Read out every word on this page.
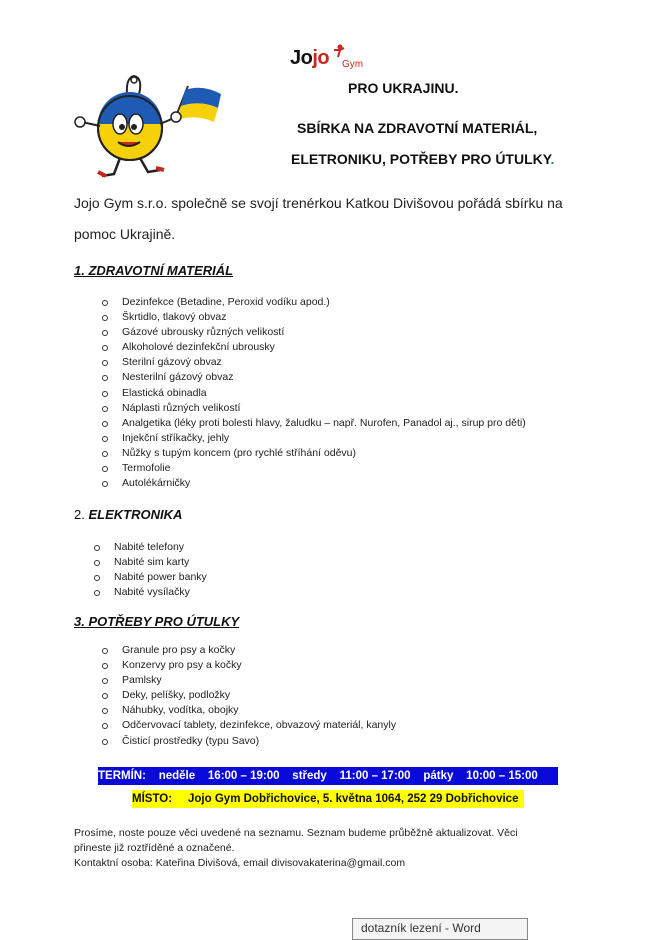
Jojo Gym
PRO UKRAJINU.
SBÍRKA NA ZDRAVOTNÍ MATERIÁL,
ELETRONIKU, POTŘEBY PRO ÚTULKY.
Jojo Gym s.r.o. společně se svojí trenérkou Katkou Divišovou pořádá sbírku na pomoc Ukrajině.
1. ZDRAVOTNÍ MATERIÁL
Dezinfekce (Betadine, Peroxid vodíku apod.)
Škrtidlo, tlakový obvaz
Gázové ubrousky různých velikostí
Alkoholové dezinfekční ubrousky
Sterilní gázový obvaz
Nesterilní gázový obvaz
Elastická obinadla
Náplasti různých velikostí
Analgetika (léky proti bolesti hlavy, žaludku – např. Nurofen, Panadol aj., sirup pro děti)
Injekční stříkačky, jehly
Nůžky s tupým koncem (pro rychlé stříhání oděvu)
Termofolie
Autolékárničky
2. ELEKTRONIKA
Nabité telefony
Nabité sim karty
Nabité power banky
Nabité vysílačky
3. POTŘEBY PRO ÚTULKY
Granule pro psy a kočky
Konzervy pro psy a kočky
Pamlsky
Deky, pelíšky, podložky
Náhubky, vodítka, obojky
Odčervovací tablety, dezinfekce, obvazový materiál, kanyly
Čisticí prostředky (typu Savo)
TERMÍN:    neděle    16:00 – 19:00    středy    11:00 – 17:00    pátky    10:00 – 15:00
MÍSTO:     Jojo Gym Dobřichovice, 5. května 1064, 252 29 Dobřichovice
Prosíme, noste pouze věci uvedené na seznamu. Seznam budeme průběžně aktualizovat. Věci
přineste již roztříděné a označené.
Kontaktní osoba: Kateřina Divišová, email divisovakaterina@gmail.com
dotazník lezení - Word
